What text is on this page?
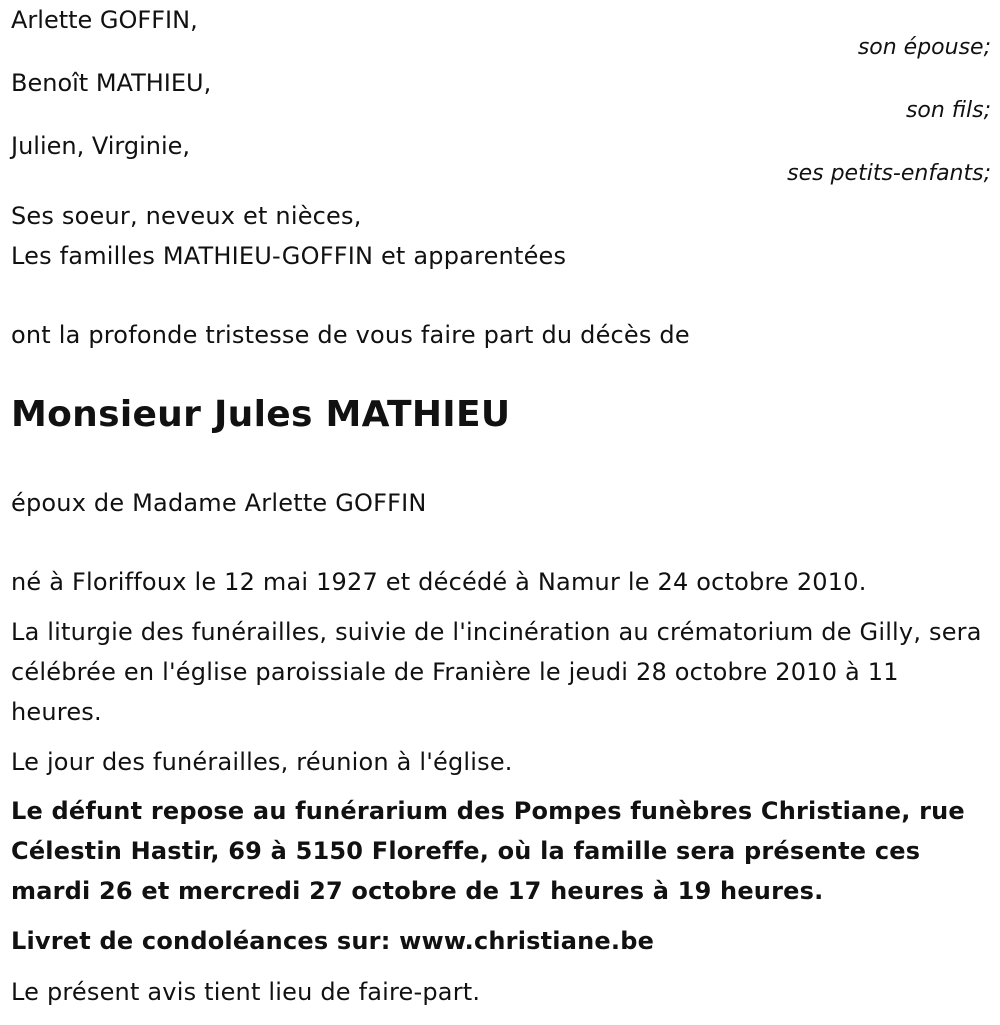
Arlette GOFFIN,
son épouse;
Benoît MATHIEU,
son fils;
Julien, Virginie,
ses petits-enfants;
Ses soeur, neveux et nièces,
Les familles MATHIEU-GOFFIN et apparentées
ont la profonde tristesse de vous faire part du décès de
Monsieur Jules MATHIEU
époux de Madame Arlette GOFFIN
né à Floriffoux le 12 mai 1927 et décédé à Namur le 24 octobre 2010.
La liturgie des funérailles, suivie de l'incinération au crématorium de Gilly, sera célébrée en l'église paroissiale de Franière le jeudi 28 octobre 2010 à 11 heures.
Le jour des funérailles, réunion à l'église.
Le défunt repose au funérarium des Pompes funèbres Christiane, rue Célestin Hastir, 69 à 5150 Floreffe, où la famille sera présente ces mardi 26 et mercredi 27 octobre de 17 heures à 19 heures.
Livret de condoléances sur: www.christiane.be
Le présent avis tient lieu de faire-part.
